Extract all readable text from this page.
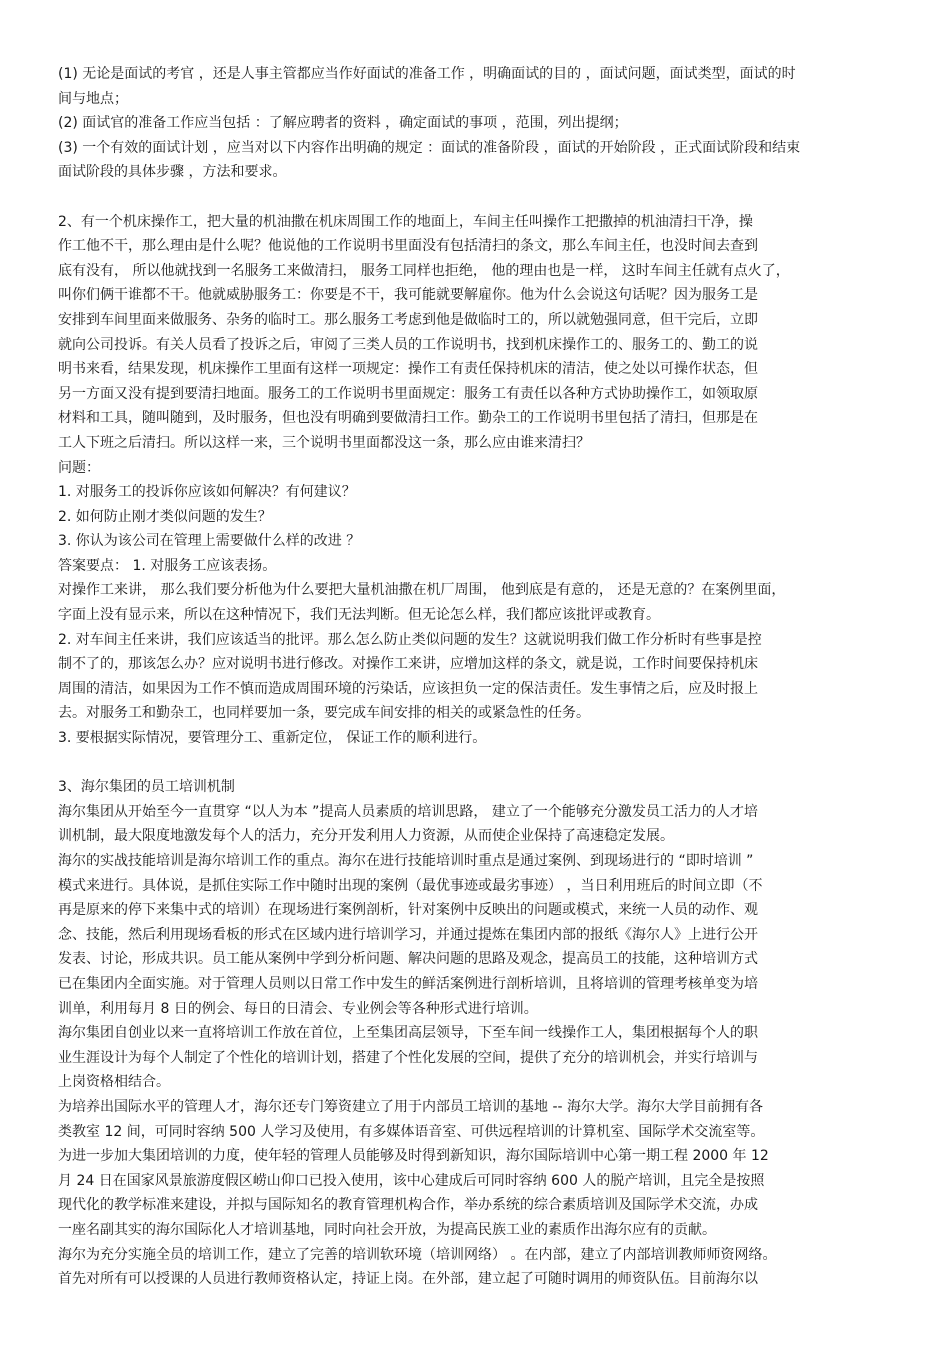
(1) 无论是面试的考官 ，还是人事主管都应当作好面试的准备工作 ，明确面试的目的 ，面试问题，面试类型，面试的时
间与地点；
(2) 面试官的准备工作应当包括 ：了解应聘者的资料 ，确定面试的事项 ，范围，列出提纲；
(3) 一个有效的面试计划 ，应当对以下内容作出明确的规定 ：面试的准备阶段 ，面试的开始阶段 ，正式面试阶段和结束
面试阶段的具体步骤 ，方法和要求。
2、有一个机床操作工，把大量的机油撒在机床周围工作的地面上，车间主任叫操作工把撒掉的机油清扫干净，操
作工他不干，那么理由是什么呢？他说他的工作说明书里面没有包括清扫的条文，那么车间主任，也没时间去查到
底有没有， 所以他就找到一名服务工来做清扫， 服务工同样也拒绝， 他的理由也是一样， 这时车间主任就有点火了，
叫你们俩干谁都不干。他就威胁服务工：你要是不干，我可能就要解雇你。他为什么会说这句话呢？因为服务工是
安排到车间里面来做服务、杂务的临时工。那么服务工考虑到他是做临时工的，所以就勉强同意，但干完后，立即
就向公司投诉。有关人员看了投诉之后，审阅了三类人员的工作说明书，找到机床操作工的、服务工的、勤工的说
明书来看，结果发现，机床操作工里面有这样一项规定：操作工有责任保持机床的清洁，使之处以可操作状态，但
另一方面又没有提到要清扫地面。服务工的工作说明书里面规定：服务工有责任以各种方式协助操作工，如领取原
材料和工具，随叫随到，及时服务，但也没有明确到要做清扫工作。勤杂工的工作说明书里包括了清扫，但那是在
工人下班之后清扫。所以这样一来，三个说明书里面都没这一条，那么应由谁来清扫？
问题：
1. 对服务工的投诉你应该如何解决？有何建议？
2. 如何防止刚才类似问题的发生？
3. 你认为该公司在管理上需要做什么样的改进 ？
答案要点： 1. 对服务工应该表扬。
对操作工来讲， 那么我们要分析他为什么要把大量机油撒在机厂周围， 他到底是有意的， 还是无意的？在案例里面，
字面上没有显示来，所以在这种情况下，我们无法判断。但无论怎么样，我们都应该批评或教育。
2. 对车间主任来讲，我们应该适当的批评。那么怎么防止类似问题的发生？这就说明我们做工作分析时有些事是控
制不了的，那该怎么办？应对说明书进行修改。对操作工来讲，应增加这样的条文，就是说，工作时间要保持机床
周围的清洁，如果因为工作不慎而造成周围环境的污染话，应该担负一定的保洁责任。发生事情之后，应及时报上
去。对服务工和勤杂工，也同样要加一条，要完成车间安排的相关的或紧急性的任务。
3. 要根据实际情况，要管理分工、重新定位， 保证工作的顺利进行。
3、海尔集团的员工培训机制
海尔集团从开始至今一直贯穿 “以人为本 ”提高人员素质的培训思路， 建立了一个能够充分激发员工活力的人才培
训机制，最大限度地激发每个人的活力，充分开发利用人力资源，从而使企业保持了高速稳定发展。
海尔的实战技能培训是海尔培训工作的重点。海尔在进行技能培训时重点是通过案例、到现场进行的 “即时培训 ”
模式来进行。具体说，是抓住实际工作中随时出现的案例（最优事迹或最劣事迹） ，当日利用班后的时间立即（不
再是原来的停下来集中式的培训）在现场进行案例剖析，针对案例中反映出的问题或模式，来统一人员的动作、观
念、技能，然后利用现场看板的形式在区域内进行培训学习，并通过提炼在集团内部的报纸《海尔人》上进行公开
发表、讨论，形成共识。员工能从案例中学到分析问题、解决问题的思路及观念，提高员工的技能，这种培训方式
已在集团内全面实施。对于管理人员则以日常工作中发生的鲜活案例进行剖析培训，且将培训的管理考核单变为培
训单，利用每月 8 日的例会、每日的日清会、专业例会等各种形式进行培训。
海尔集团自创业以来一直将培训工作放在首位，上至集团高层领导，下至车间一线操作工人，集团根据每个人的职
业生涯设计为每个人制定了个性化的培训计划，搭建了个性化发展的空间，提供了充分的培训机会，并实行培训与
上岗资格相结合。
为培养出国际水平的管理人才，海尔还专门筹资建立了用于内部员工培训的基地 -- 海尔大学。海尔大学目前拥有各
类教室 12 间，可同时容纳 500 人学习及使用，有多媒体语音室、可供远程培训的计算机室、国际学术交流室等。
为进一步加大集团培训的力度，使年轻的管理人员能够及时得到新知识，海尔国际培训中心第一期工程 2000 年 12
月 24 日在国家风景旅游度假区崂山仰口已投入使用，该中心建成后可同时容纳 600 人的脱产培训，且完全是按照
现代化的教学标准来建设，并拟与国际知名的教育管理机构合作，举办系统的综合素质培训及国际学术交流，办成
一座名副其实的海尔国际化人才培训基地，同时向社会开放，为提高民族工业的素质作出海尔应有的贡献。
海尔为充分实施全员的培训工作，建立了完善的培训软环境（培训网络） 。在内部，建立了内部培训教师师资网络。
首先对所有可以授课的人员进行教师资格认定，持证上岗。在外部，建立起了可随时调用的师资队伍。目前海尔以
